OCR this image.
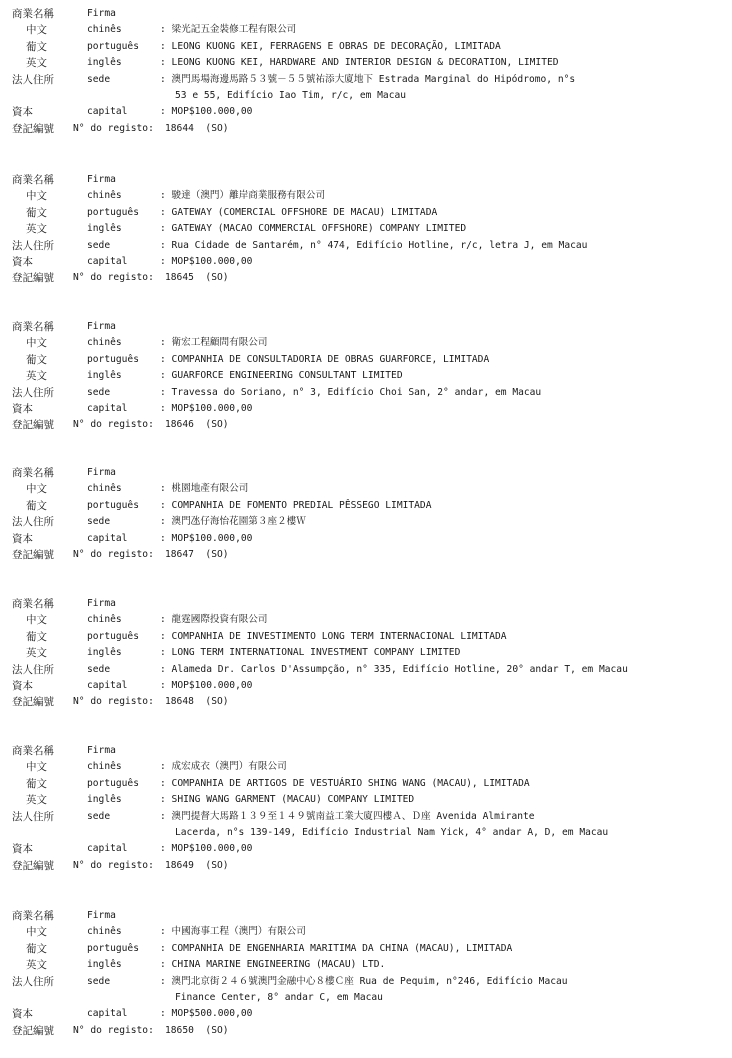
商業名稱	Firma
中文	chinês	: 梁光記五金裝修工程有限公司
葡文	português : LEONG KUONG KEI, FERRAGENS E OBRAS DE DECORAÇÃO, LIMITADA
英文	inglês	: LEONG KUONG KEI, HARDWARE AND INTERIOR DESIGN & DECORATION, LIMITED
法人住所	sede	: 澳門馬場海邊馬路５３號－５５號祐添大廈地下 Estrada Marginal do Hipódromo, n°s
53 e 55, Edifício Iao Tim, r/c, em Macau
資本	capital	: MOP$100.000,00
登記編號 N° do registo: 18644  (SO)
商業名稱	Firma
中文	chinês	: 駿達（澳門）離岸商業服務有限公司
葡文	português : GATEWAY (COMERCIAL OFFSHORE DE MACAU) LIMITADA
英文	inglês	: GATEWAY (MACAO COMMERCIAL OFFSHORE) COMPANY LIMITED
法人住所	sede	: Rua Cidade de Santarém, n° 474, Edifício Hotline, r/c, letra J, em Macau
資本	capital	: MOP$100.000,00
登記編號 N° do registo: 18645  (SO)
商業名稱	Firma
中文	chinês	: 衛宏工程顧問有限公司
葡文	português : COMPANHIA DE CONSULTADORIA DE OBRAS GUARFORCE, LIMITADA
英文	inglês	: GUARFORCE ENGINEERING CONSULTANT LIMITED
法人住所	sede	: Travessa do Soriano, n° 3, Edifício Choi San, 2° andar, em Macau
資本	capital	: MOP$100.000,00
登記編號 N° do registo: 18646  (SO)
商業名稱	Firma
中文	chinês	: 桃園地產有限公司
葡文	português : COMPANHIA DE FOMENTO PREDIAL PÊSSEGO LIMITADA
法人住所	sede	: 澳門氹仔海怡花園第３座２樓Ｗ
資本	capital	: MOP$100.000,00
登記編號 N° do registo: 18647  (SO)
商業名稱	Firma
中文	chinês	: 龍霆國際投資有限公司
葡文	português : COMPANHIA DE INVESTIMENTO LONG TERM INTERNACIONAL LIMITADA
英文	inglês	: LONG TERM INTERNATIONAL INVESTMENT COMPANY LIMITED
法人住所	sede	: Alameda Dr. Carlos D'Assumpção, n° 335, Edifício Hotline, 20° andar T, em Macau
資本	capital	: MOP$100.000,00
登記編號 N° do registo: 18648  (SO)
商業名稱	Firma
中文	chinês	: 成宏成衣（澳門）有限公司
葡文	português : COMPANHIA DE ARTIGOS DE VESTUÁRIO SHING WANG (MACAU), LIMITADA
英文	inglês	: SHING WANG GARMENT (MACAU) COMPANY LIMITED
法人住所	sede	: 澳門提督大馬路１３９至１４９號南益工業大廈四樓Ａ、Ｄ座 Avenida Almirante
Lacerda, n°s 139-149, Edifício Industrial Nam Yick, 4° andar A, D, em Macau
資本	capital	: MOP$100.000,00
登記編號 N° do registo: 18649  (SO)
商業名稱	Firma
中文	chinês	: 中國海事工程（澳門）有限公司
葡文	português : COMPANHIA DE ENGENHARIA MARITIMA DA CHINA (MACAU), LIMITADA
英文	inglês	: CHINA MARINE ENGINEERING (MACAU) LTD.
法人住所	sede	: 澳門北京街２４６號澳門金融中心８樓Ｃ座 Rua de Pequim, n°246, Edifício Macau
Finance Center, 8° andar C, em Macau
資本	capital	: MOP$500.000,00
登記編號 N° do registo: 18650  (SO)
